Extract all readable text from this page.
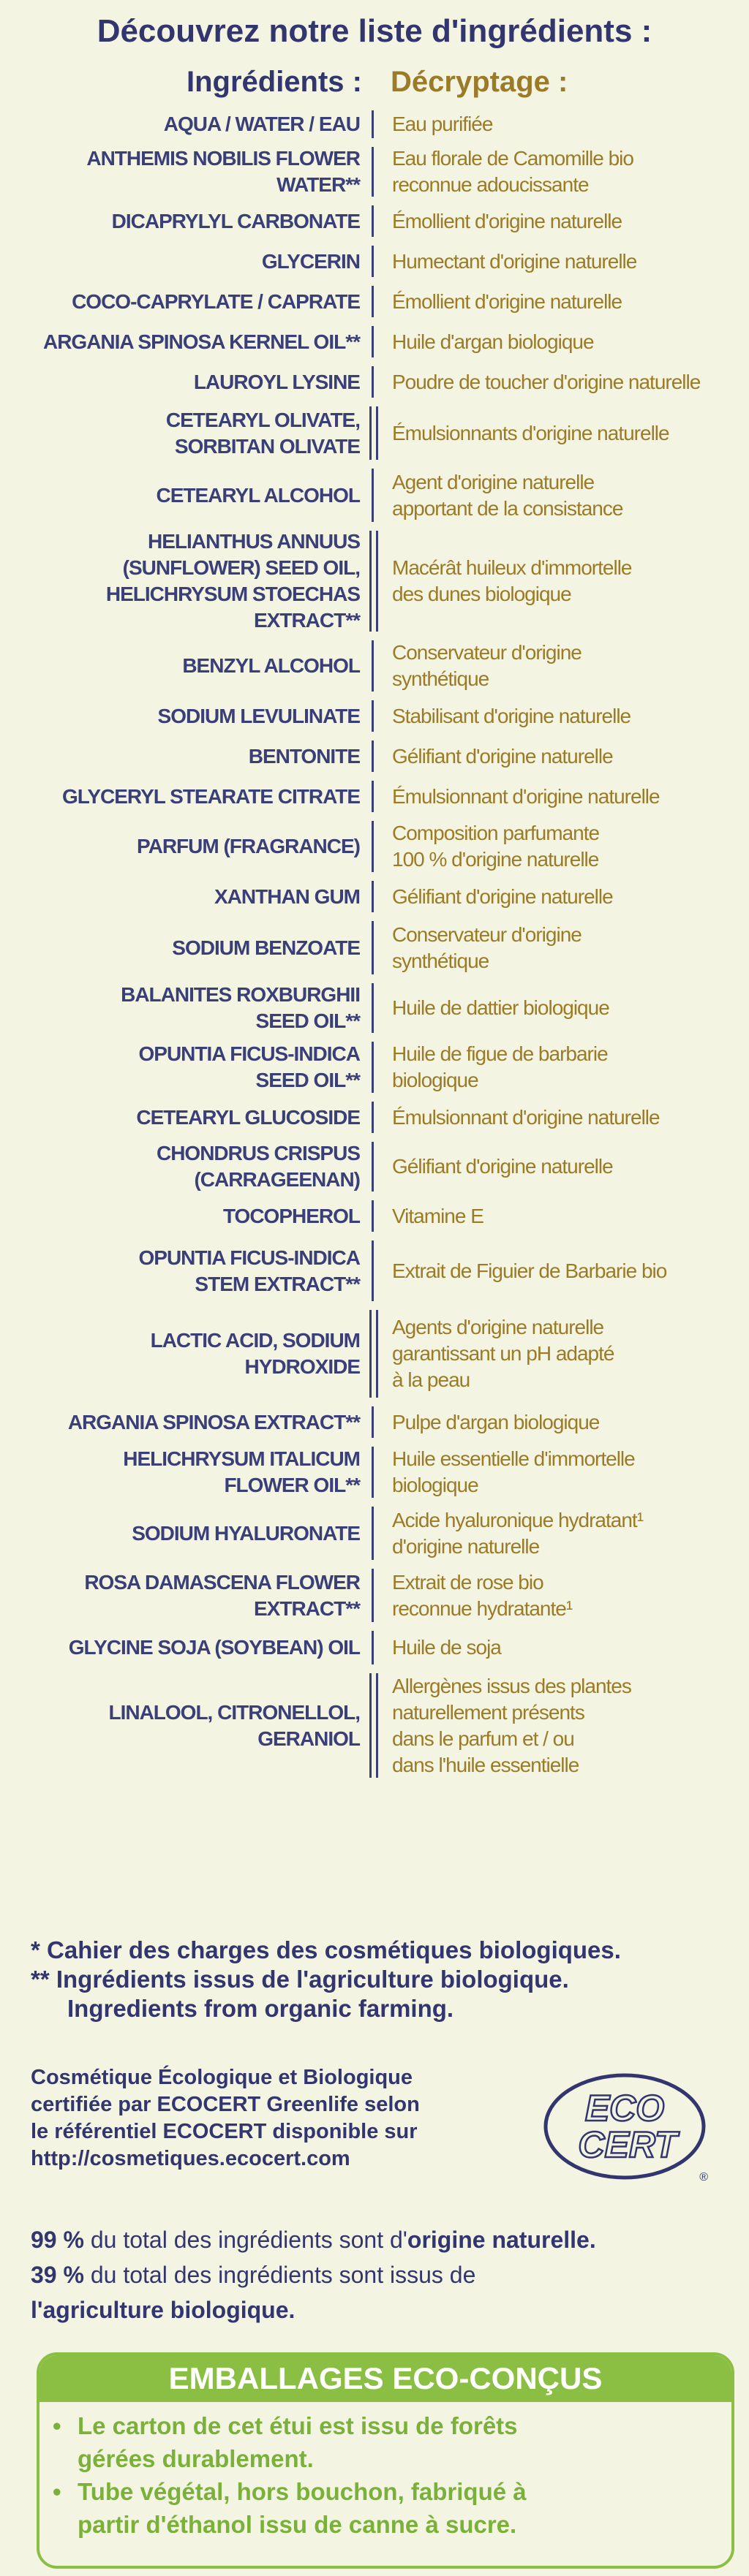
Découvrez notre liste d'ingrédients :
Ingrédients : Décryptage :
AQUA / WATER / EAU Eau purifiée
ANTHEMIS NOBILIS FLOWER
WATER**
Eau florale de Camomille bio
reconnue adoucissante
DICAPRYLYL CARBONATE Émollient d'origine naturelle
GLYCERIN Humectant d'origine naturelle
COCO-CAPRYLATE / CAPRATE Émollient d'origine naturelle
ARGANIA SPINOSA KERNEL OIL** Huile d'argan biologique
LAUROYL LYSINE Poudre de toucher d'origine naturelle
CETEARYL OLIVATE,
SORBITAN OLIVATE
Émulsionnants d'origine naturelle
CETEARYL ALCOHOL
Agent d'origine naturelle
apportant de la consistance
HELIANTHUS ANNUUS
(SUNFLOWER) SEED OIL,
HELICHRYSUM STOECHAS
EXTRACT**
Macérât huileux d'immortelle
des dunes biologique
BENZYL ALCOHOL
Conservateur d'origine
synthétique
SODIUM LEVULINATE Stabilisant d'origine naturelle
BENTONITE Gélifiant d'origine naturelle
GLYCERYL STEARATE CITRATE Émulsionnant d'origine naturelle
PARFUM (FRAGRANCE)
Composition parfumante
100 % d'origine naturelle
XANTHAN GUM Gélifiant d'origine naturelle
SODIUM BENZOATE
Conservateur d'origine
synthétique
BALANITES ROXBURGHII
SEED OIL**
Huile de dattier biologique
OPUNTIA FICUS-INDICA
SEED OIL**
Huile de figue de barbarie
biologique
CETEARYL GLUCOSIDE Émulsionnant d'origine naturelle
CHONDRUS CRISPUS
(CARRAGEENAN)
Gélifiant d'origine naturelle
TOCOPHEROL Vitamine E
OPUNTIA FICUS-INDICA
STEM EXTRACT**
Extrait de Figuier de Barbarie bio
LACTIC ACID, SODIUM
HYDROXIDE
Agents d'origine naturelle
garantissant un pH adapté
à la peau
ARGANIA SPINOSA EXTRACT** Pulpe d'argan biologique
HELICHRYSUM ITALICUM
FLOWER OIL**
Huile essentielle d'immortelle
biologique
SODIUM HYALURONATE
Acide hyaluronique hydratant¹
d'origine naturelle
ROSA DAMASCENA FLOWER
EXTRACT**
Extrait de rose bio
reconnue hydratante¹
GLYCINE SOJA (SOYBEAN) OIL Huile de soja
LINALOOL, CITRONELLOL,
GERANIOL
Allergènes issus des plantes
naturellement présents
dans le parfum et / ou
dans l'huile essentielle
* Cahier des charges des cosmétiques biologiques.
** Ingrédients issus de l'agriculture biologique.
Ingredients from organic farming.
Cosmétique Écologique et Biologique
certifiée par ECOCERT Greenlife selon
le référentiel ECOCERT disponible sur
http://cosmetiques.ecocert.com
ECO
CERT
®
99 % du total des ingrédients sont d'origine naturelle.
39 % du total des ingrédients sont issus de
l'agriculture biologique.
EMBALLAGES ECO-CONÇUS
• Le carton de cet étui est issu de forêts
gérées durablement.
• Tube végétal, hors bouchon, fabriqué à
partir d'éthanol issu de canne à sucre.
